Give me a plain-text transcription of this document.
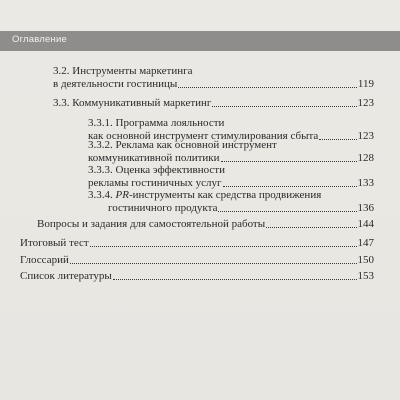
Оглавление
3.2. Инструменты маркетинга
в деятельности гостиницы	119
3.3. Коммуникативный маркетинг	123
3.3.1. Программа лояльности
как основной инструмент стимулирования сбыта	123
3.3.2. Реклама как основной инструмент
коммуникативной политики	128
3.3.3. Оценка эффективности
рекламы гостиничных услуг	133
3.3.4. PR-инструменты как средства продвижения
гостиничного продукта	136
Вопросы и задания для самостоятельной работы	144
Итоговый тест	147
Глоссарий	150
Список литературы	153
